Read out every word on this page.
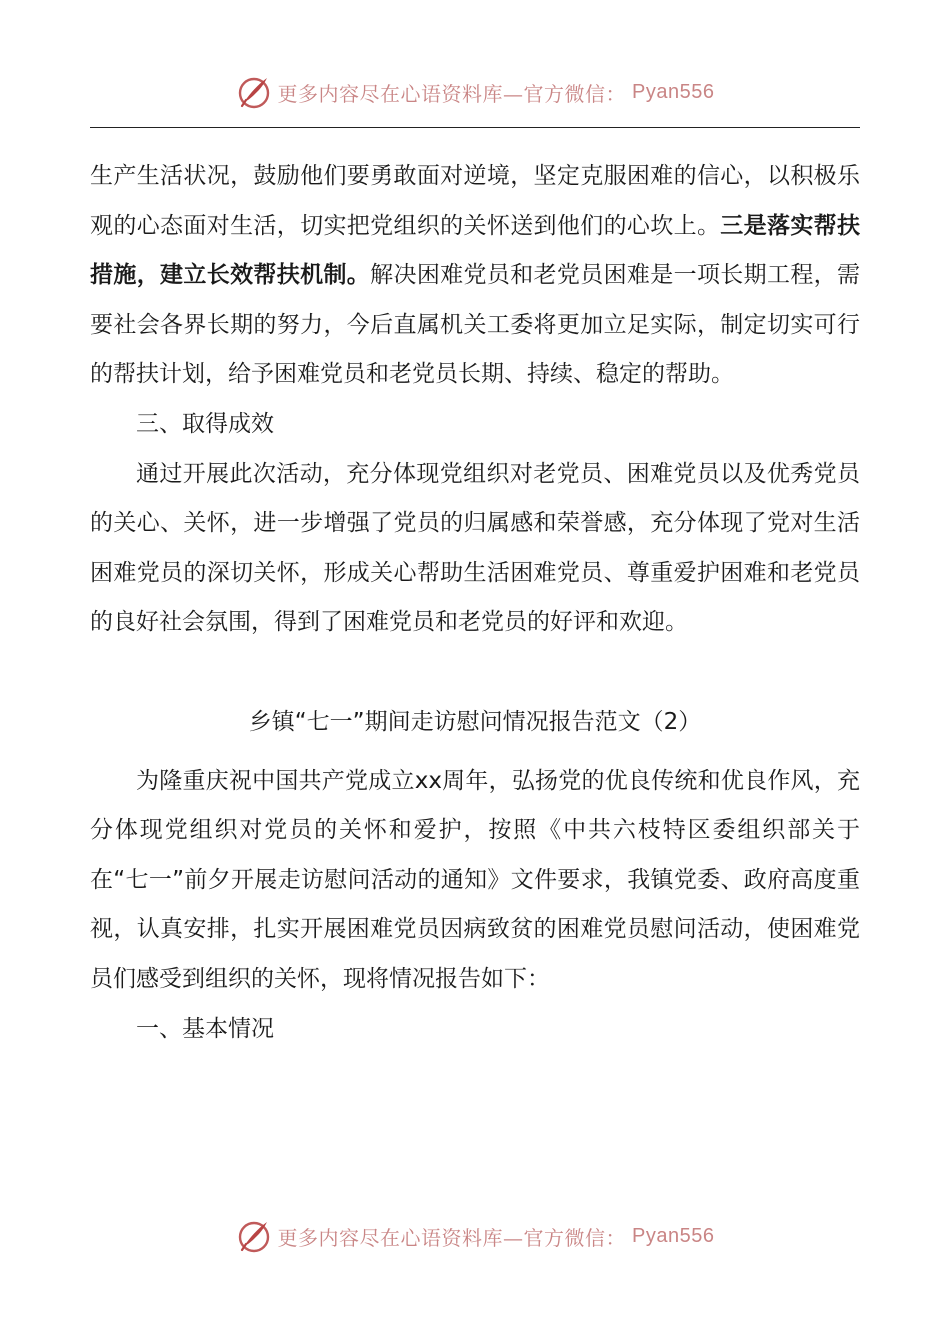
更多内容尽在心语资料库—官方微信： Pyan556

生产生活状况，鼓励他们要勇敢面对逆境，坚定克服困难的信心，以积极乐观的心态面对生活，切实把党组织的关怀送到他们的心坎上。三是落实帮扶措施，建立长效帮扶机制。解决困难党员和老党员困难是一项长期工程，需要社会各界长期的努力，今后直属机关工委将更加立足实际，制定切实可行的帮扶计划，给予困难党员和老党员长期、持续、稳定的帮助。

三、取得成效

通过开展此次活动，充分体现党组织对老党员、困难党员以及优秀党员的关心、关怀，进一步增强了党员的归属感和荣誉感，充分体现了党对生活困难党员的深切关怀，形成关心帮助生活困难党员、尊重爱护困难和老党员的良好社会氛围，得到了困难党员和老党员的好评和欢迎。

乡镇“七一”期间走访慰问情况报告范文（2）

为隆重庆祝中国共产党成立xx周年，弘扬党的优良传统和优良作风，充分体现党组织对党员的关怀和爱护，按照《中共六枝特区委组织部关于在“七一”前夕开展走访慰问活动的通知》文件要求，我镇党委、政府高度重视，认真安排，扎实开展困难党员因病致贫的困难党员慰问活动，使困难党员们感受到组织的关怀，现将情况报告如下：

一、基本情况

更多内容尽在心语资料库—官方微信： Pyan556
